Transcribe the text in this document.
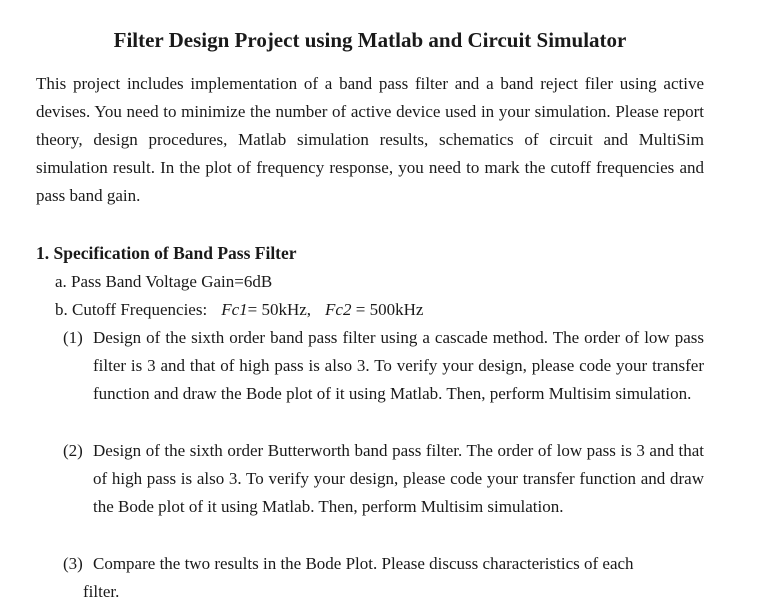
Filter Design Project using Matlab and Circuit Simulator

This project includes implementation of a band pass filter and a band reject filer using active devises. You need to minimize the number of active device used in your simulation. Please report theory, design procedures, Matlab simulation results, schematics of circuit and MultiSim simulation result. In the plot of frequency response, you need to mark the cutoff frequencies and pass band gain.

1. Specification of Band Pass Filter

a. Pass Band Voltage Gain=6dB

b. Cutoff Frequencies: Fc1= 50kHz, Fc2 = 500kHz

(1) Design of the sixth order band pass filter using a cascade method. The order of low pass filter is 3 and that of high pass is also 3. To verify your design, please code your transfer function and draw the Bode plot of it using Matlab. Then, perform Multisim simulation.

(2) Design of the sixth order Butterworth band pass filter. The order of low pass is 3 and that of high pass is also 3. To verify your design, please code your transfer function and draw the Bode plot of it using Matlab. Then, perform Multisim simulation.

(3) Compare the two results in the Bode Plot. Please discuss characteristics of each
filter.
